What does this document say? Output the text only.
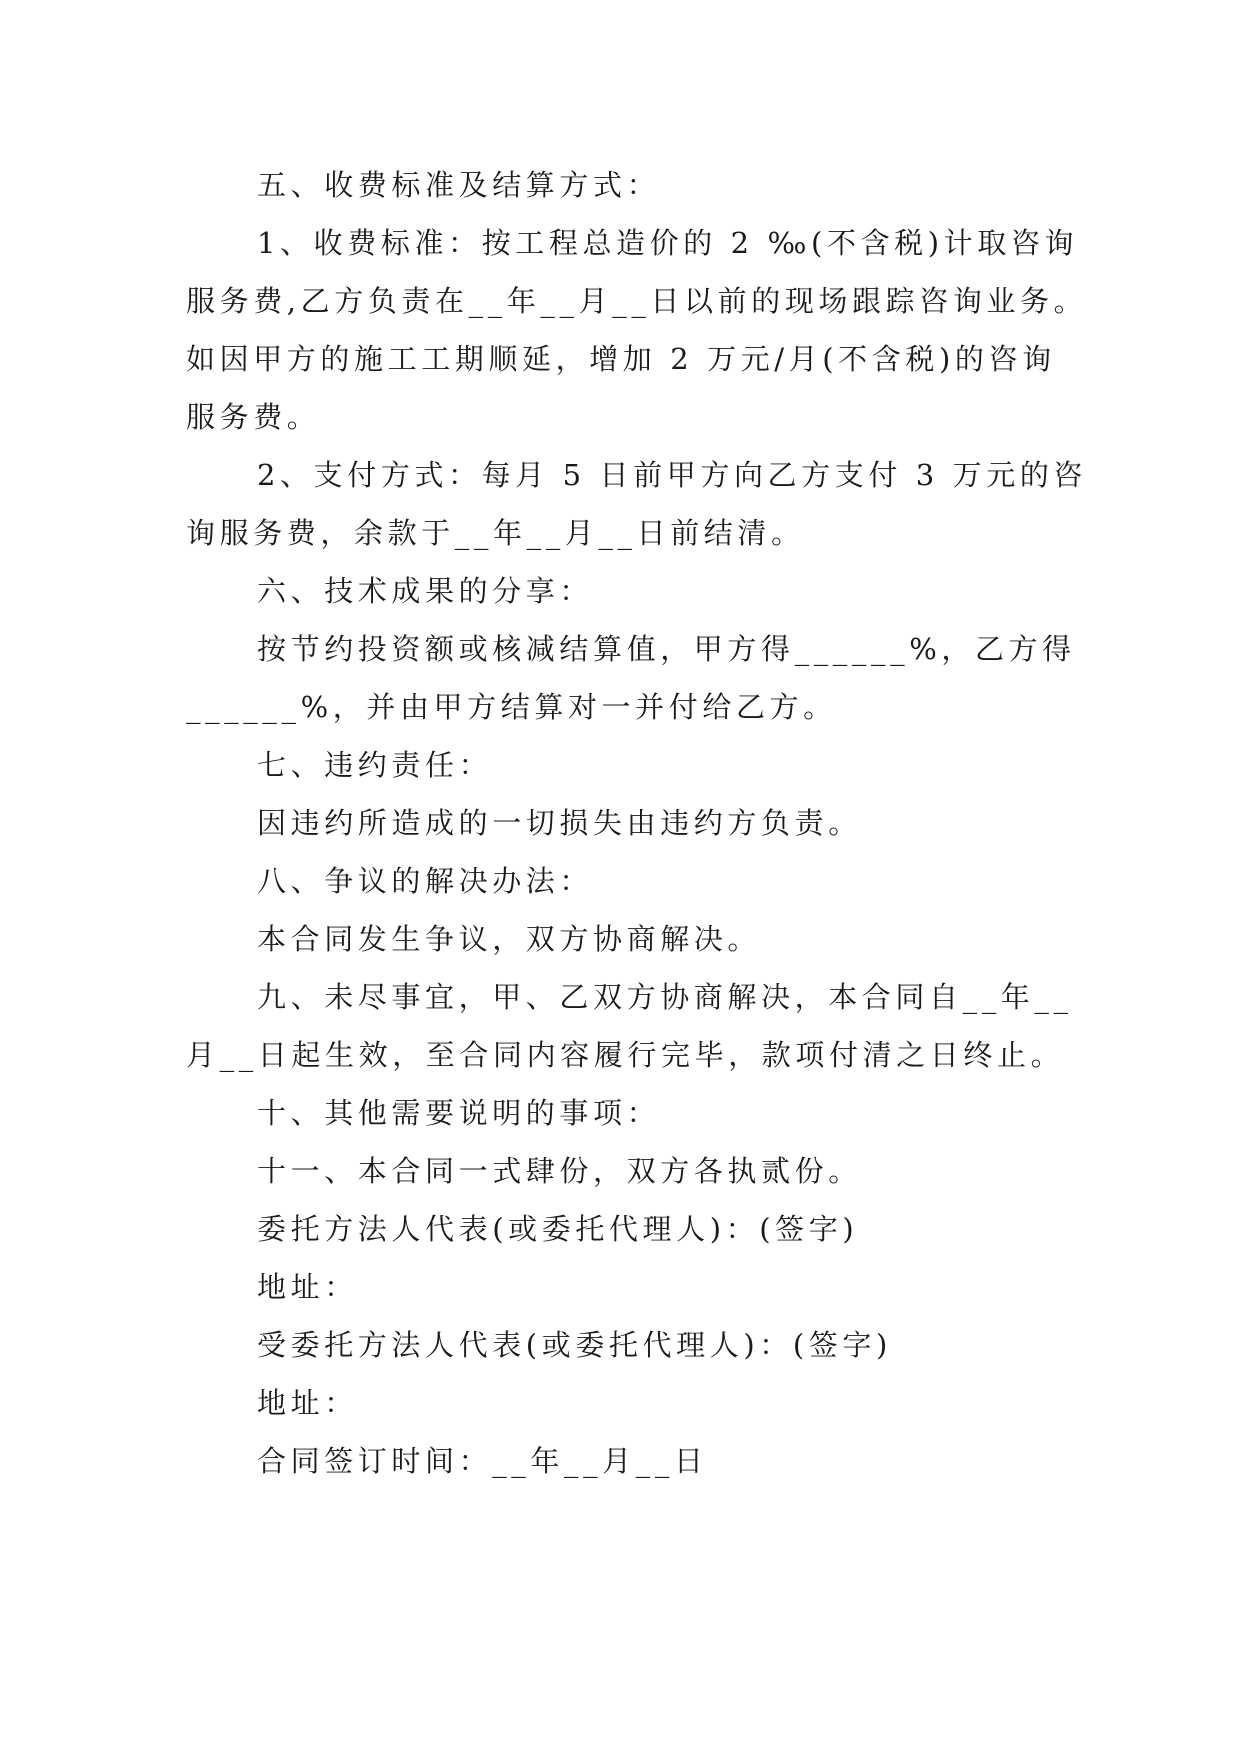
五、收费标准及结算方式：
1、收费标准：按工程总造价的 2 ‰(不含税)计取咨询
服务费,乙方负责在__年__月__日以前的现场跟踪咨询业务。
如因甲方的施工工期顺延，增加 2 万元/月(不含税)的咨询
服务费。
2、支付方式：每月 5 日前甲方向乙方支付 3 万元的咨
询服务费，余款于__年__月__日前结清。
六、技术成果的分享：
按节约投资额或核减结算值，甲方得______%，乙方得
______%，并由甲方结算对一并付给乙方。
七、违约责任：
因违约所造成的一切损失由违约方负责。
八、争议的解决办法：
本合同发生争议，双方协商解决。
九、未尽事宜，甲、乙双方协商解决，本合同自__年__
月__日起生效，至合同内容履行完毕，款项付清之日终止。
十、其他需要说明的事项：
十一、本合同一式肆份，双方各执贰份。
委托方法人代表(或委托代理人)：(签字)
地址：
受委托方法人代表(或委托代理人)：(签字)
地址：
合同签订时间：__年__月__日
